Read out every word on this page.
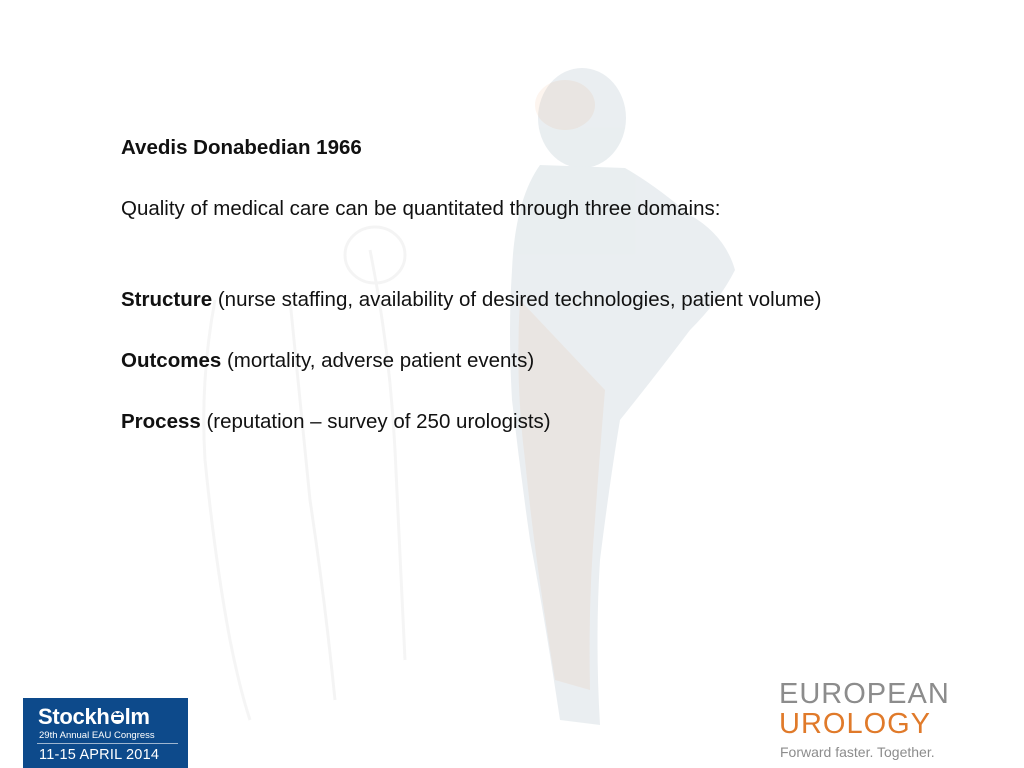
Avedis Donabedian 1966

Quality of medical care can be quantitated through three domains:

Structure (nurse staffing, availability of desired technologies, patient volume)

Outcomes (mortality, adverse patient events)

Process (reputation – survey of 250 urologists)

Stockh lm
29th Annual EAU Congress
11-15 APRIL 2014
EUROPEAN
UROLOGY
Forward faster. Together.
